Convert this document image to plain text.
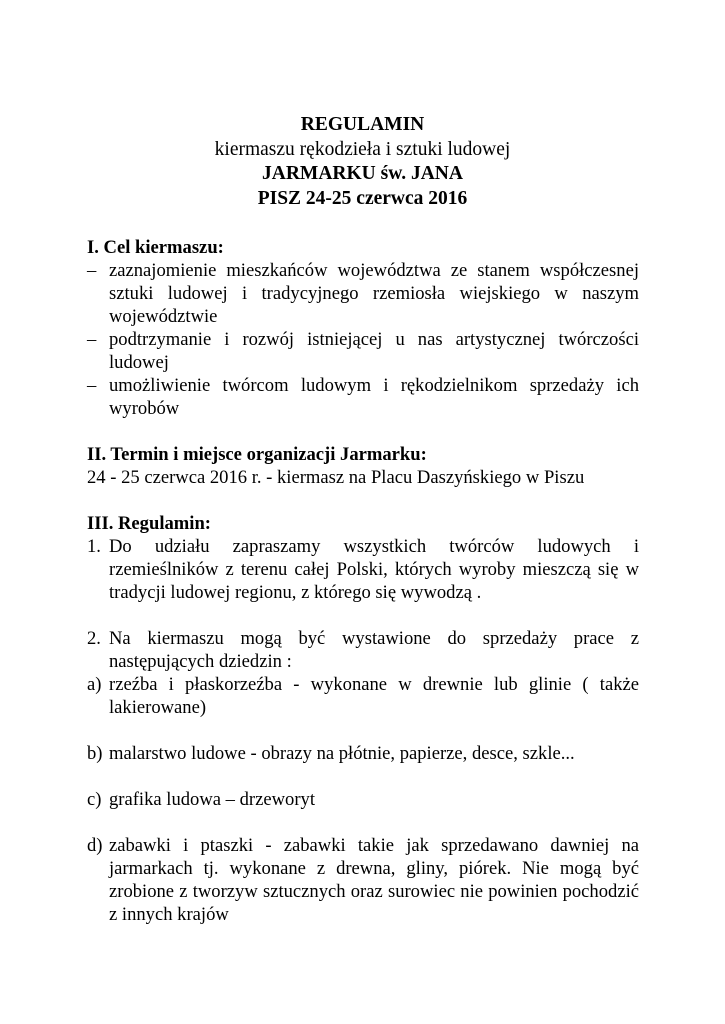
REGULAMIN
kiermaszu rękodzieła i sztuki ludowej
JARMARKU św. JANA
PISZ 24-25 czerwca 2016
I. Cel kiermaszu:
– zaznajomienie mieszkańców województwa ze stanem współczesnej sztuki ludowej i tradycyjnego rzemiosła wiejskiego w naszym województwie
– podtrzymanie i rozwój istniejącej u nas artystycznej twórczości ludowej
– umożliwienie twórcom ludowym i rękodzielnikom sprzedaży ich wyrobów
II. Termin i miejsce organizacji Jarmarku:
24 - 25 czerwca 2016 r. - kiermasz na Placu Daszyńskiego w Piszu
III. Regulamin:
1. Do udziału zapraszamy wszystkich twórców ludowych i rzemieślników z terenu całej Polski, których wyroby mieszczą się w tradycji ludowej regionu, z którego się wywodzą .
2. Na kiermaszu mogą być wystawione do sprzedaży prace z następujących dziedzin :
a) rzeźba i płaskorzeźba - wykonane w drewnie lub glinie ( także lakierowane)
b) malarstwo ludowe - obrazy na płótnie, papierze, desce, szkle...
c) grafika ludowa – drzeworyt
d) zabawki i ptaszki - zabawki takie jak sprzedawano dawniej na jarmarkach tj. wykonane z drewna, gliny, piórek. Nie mogą być zrobione z tworzyw sztucznych oraz surowiec nie powinien pochodzić z innych krajów
